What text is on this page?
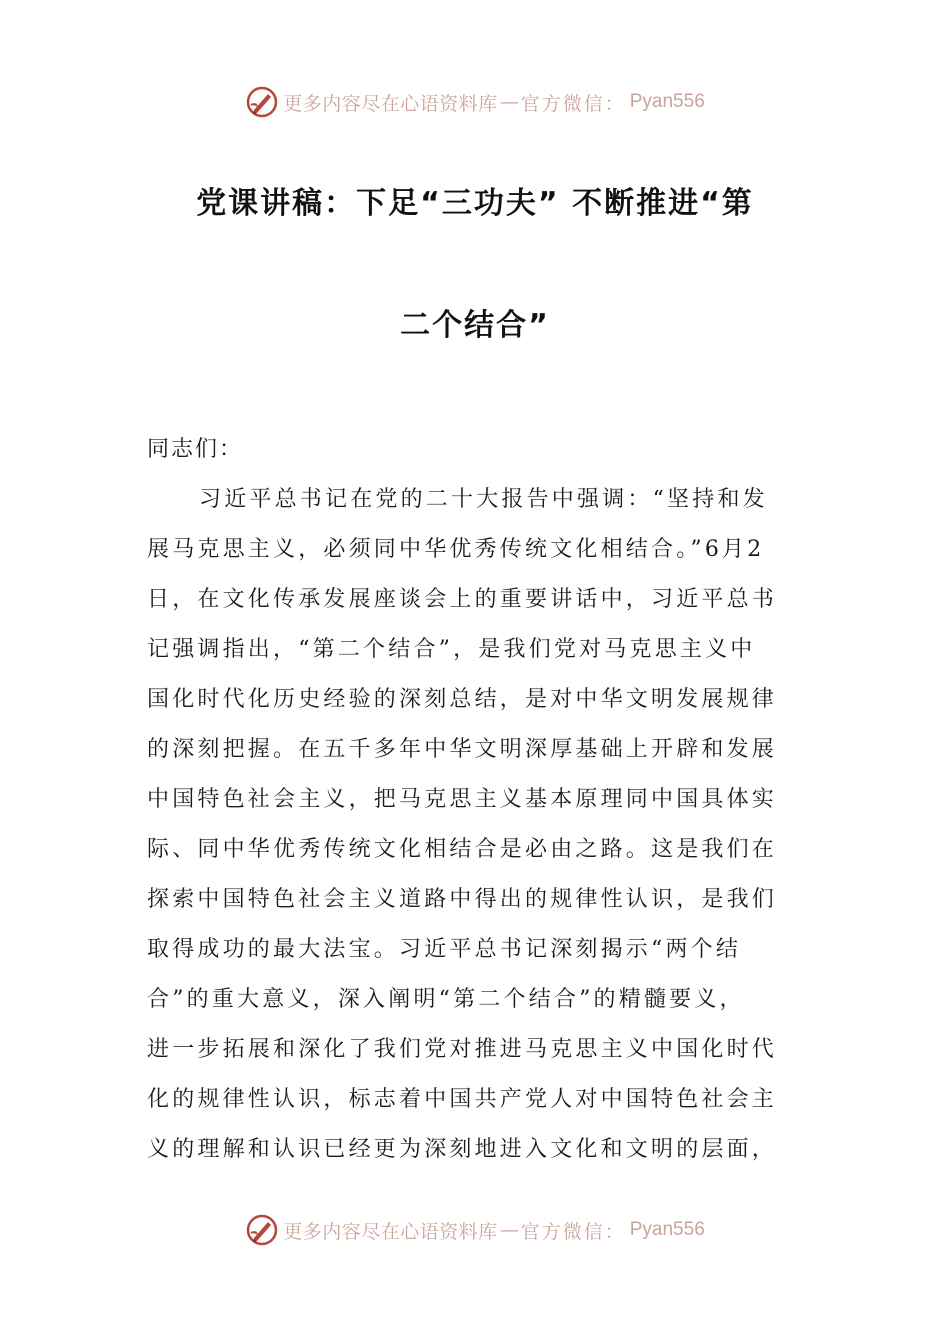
更多内容尽在心语资料库 — 官方微信： Pyan556
党课讲稿：下足“三功夫” 不断推进“第
二个结合”
同志们：
习近平总书记在党的二十大报告中强调：“坚持和发
展马克思主义，必须同中华优秀传统文化相结合。”6月2
日，在文化传承发展座谈会上的重要讲话中，习近平总书
记强调指出，“第二个结合”，是我们党对马克思主义中
国化时代化历史经验的深刻总结，是对中华文明发展规律
的深刻把握。在五千多年中华文明深厚基础上开辟和发展
中国特色社会主义，把马克思主义基本原理同中国具体实
际、同中华优秀传统文化相结合是必由之路。这是我们在
探索中国特色社会主义道路中得出的规律性认识，是我们
取得成功的最大法宝。习近平总书记深刻揭示“两个结
合”的重大意义，深入阐明“第二个结合”的精髓要义，
进一步拓展和深化了我们党对推进马克思主义中国化时代
化的规律性认识，标志着中国共产党人对中国特色社会主
义的理解和认识已经更为深刻地进入文化和文明的层面，
更多内容尽在心语资料库 — 官方微信： Pyan556
